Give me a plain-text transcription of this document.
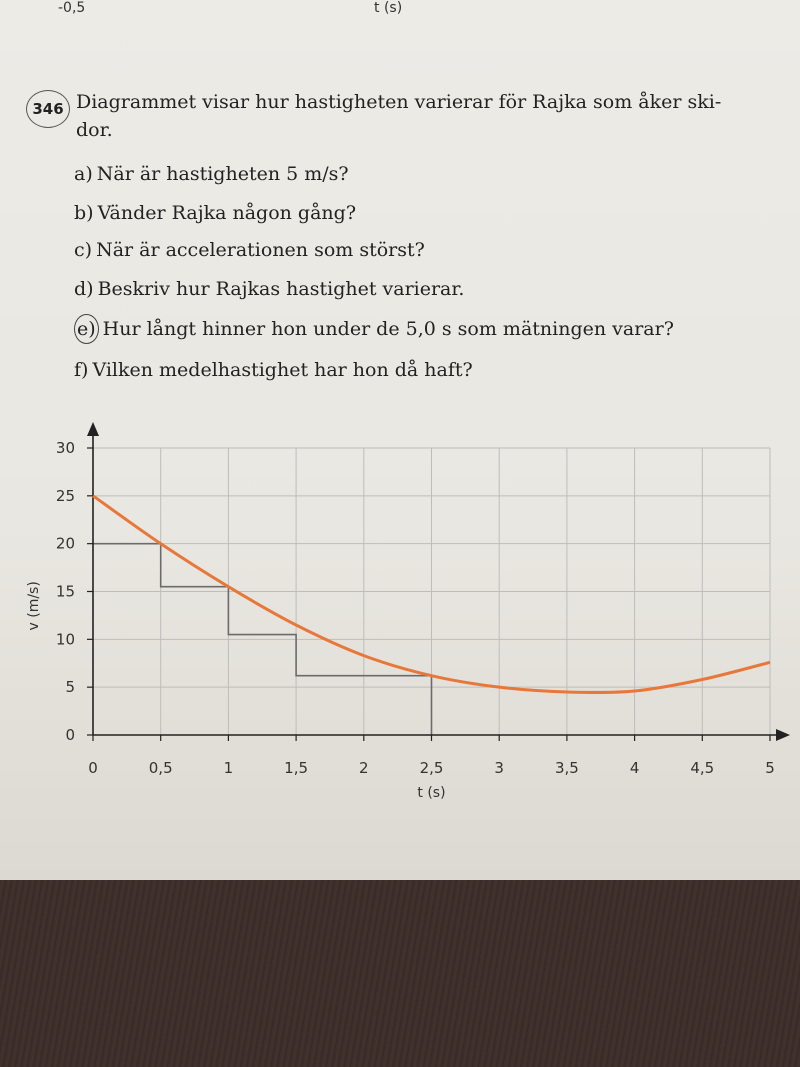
-0,5	t (s)
346 Diagrammet visar hur hastigheten varierar för Rajka som åker ski- dor.
a) När är hastigheten 5 m/s?
b) Vänder Rajka någon gång?
c) När är accelerationen som störst?
d) Beskriv hur Rajkas hastighet varierar.
e) Hur långt hinner hon under de 5,0 s som mätningen varar?
f) Vilken medelhastighet har hon då haft?
0	0,5	1	1,5	2	2,5	3	3,5	4	4,5	5
0
5
10
15
20
25
30
t (s)
v (m/s)
